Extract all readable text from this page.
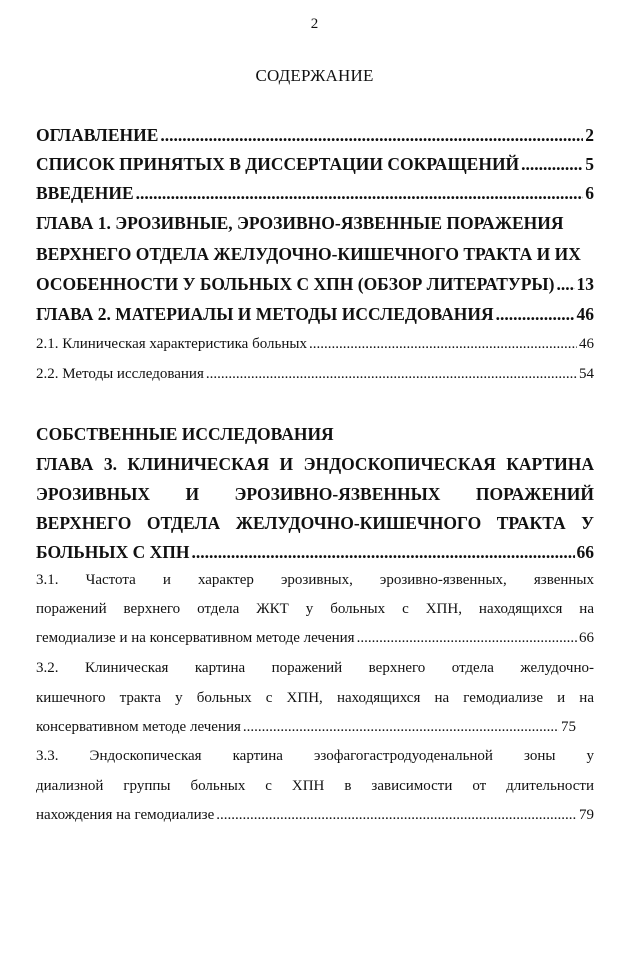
2
СОДЕРЖАНИЕ
ОГЛАВЛЕНИЕ .....	2
СПИСОК ПРИНЯТЫХ В ДИССЕРТАЦИИ СОКРАЩЕНИЙ .....	5
ВВЕДЕНИЕ .....	6
ГЛАВА 1. ЭРОЗИВНЫЕ, ЭРОЗИВНО-ЯЗВЕННЫЕ ПОРАЖЕНИЯ
ВЕРХНЕГО ОТДЕЛА ЖЕЛУДОЧНО-КИШЕЧНОГО ТРАКТА И ИХ
ОСОБЕННОСТИ У БОЛЬНЫХ С ХПН (ОБЗОР ЛИТЕРАТУРЫ) ..... 13
ГЛАВА 2. МАТЕРИАЛЫ И МЕТОДЫ ИССЛЕДОВАНИЯ .....	46
2.1. Клиническая характеристика больных .....	46
2.2. Методы исследования .....	54
СОБСТВЕННЫЕ ИССЛЕДОВАНИЯ
ГЛАВА 3. КЛИНИЧЕСКАЯ И ЭНДОСКОПИЧЕСКАЯ КАРТИНА
ЭРОЗИВНЫХ И ЭРОЗИВНО-ЯЗВЕННЫХ ПОРАЖЕНИЙ
ВЕРХНЕГО ОТДЕЛА ЖЕЛУДОЧНО-КИШЕЧНОГО ТРАКТА У
БОЛЬНЫХ С ХПН .....	66
3.1. Частота и характер эрозивных, эрозивно-язвенных, язвенных
поражений верхнего отдела ЖКТ у больных с ХПН, находящихся на
гемодиализе и на консервативном методе лечения .....	66
3.2. Клиническая картина поражений верхнего отдела желудочно-
кишечного тракта у больных с ХПН, находящихся на гемодиализе и на
консервативном методе лечения .....	75
3.3. Эндоскопическая картина эзофагогастродуоденальной зоны у
диализной группы больных с ХПН в зависимости от длительности
нахождения на гемодиализе .....	79
